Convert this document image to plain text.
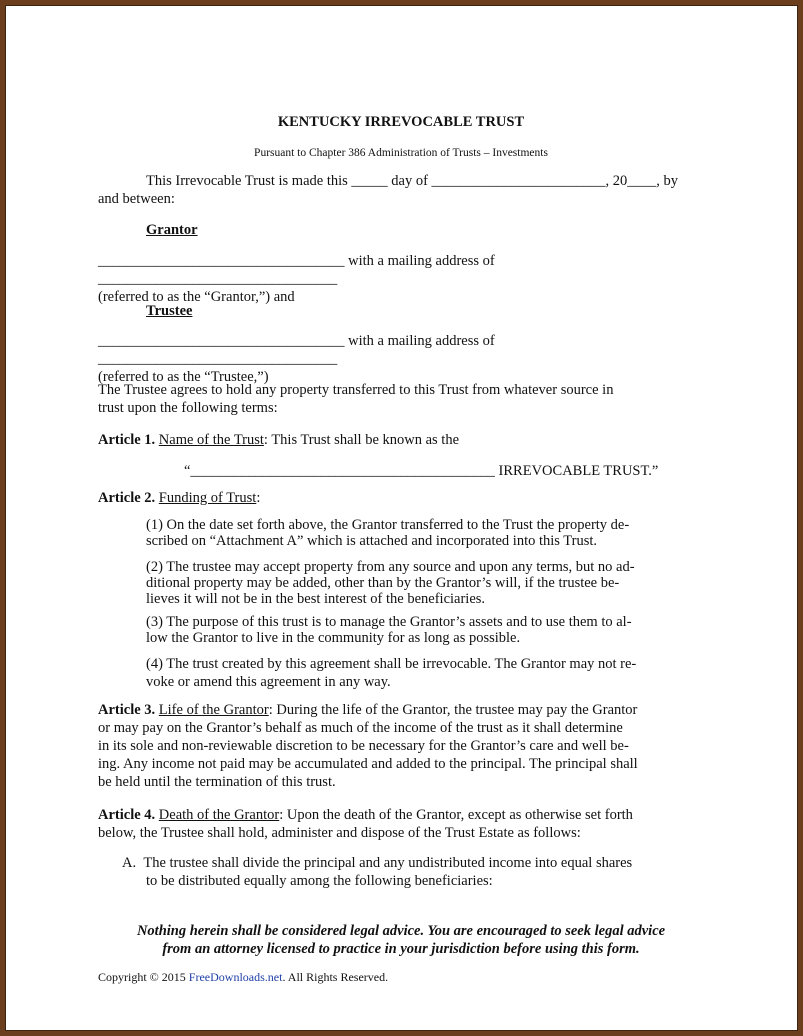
KENTUCKY IRREVOCABLE TRUST
Pursuant to Chapter 386 Administration of Trusts – Investments
This Irrevocable Trust is made this _____ day of ________________________, 20____, by
and between:
Grantor
__________________________________ with a mailing address of _________________________________
(referred to as the “Grantor,”) and
Trustee
__________________________________ with a mailing address of _________________________________
(referred to as the “Trustee,”)
The Trustee agrees to hold any property transferred to this Trust from whatever source in
trust upon the following terms:
Article 1. Name of the Trust: This Trust shall be known as the
“__________________________________________ IRREVOCABLE TRUST.”
Article 2. Funding of Trust:
(1) On the date set forth above, the Grantor transferred to the Trust the property de-
scribed on “Attachment A” which is attached and incorporated into this Trust.
(2) The trustee may accept property from any source and upon any terms, but no ad-
ditional property may be added, other than by the Grantor’s will, if the trustee be-
lieves it will not be in the best interest of the beneficiaries.
(3) The purpose of this trust is to manage the Grantor’s assets and to use them to al-
low the Grantor to live in the community for as long as possible.
(4) The trust created by this agreement shall be irrevocable. The Grantor may not re-
voke or amend this agreement in any way.
Article 3. Life of the Grantor: During the life of the Grantor, the trustee may pay the Grantor
or may pay on the Grantor’s behalf as much of the income of the trust as it shall determine
in its sole and non-reviewable discretion to be necessary for the Grantor’s care and well be-
ing. Any income not paid may be accumulated and added to the principal. The principal shall
be held until the termination of this trust.
Article 4. Death of the Grantor: Upon the death of the Grantor, except as otherwise set forth
below, the Trustee shall hold, administer and dispose of the Trust Estate as follows:
A. The trustee shall divide the principal and any undistributed income into equal shares
to be distributed equally among the following beneficiaries:
Nothing herein shall be considered legal advice. You are encouraged to seek legal advice
from an attorney licensed to practice in your jurisdiction before using this form.
Copyright © 2015 FreeDownloads.net. All Rights Reserved.
